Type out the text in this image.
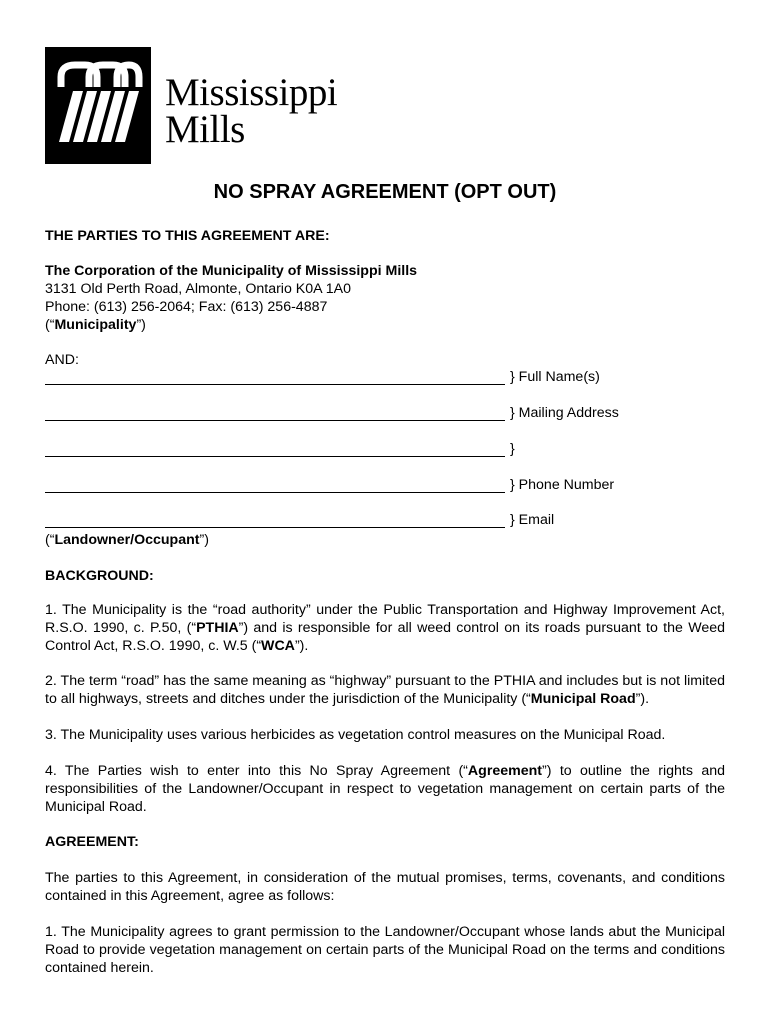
Mississippi
Mills
NO SPRAY AGREEMENT (OPT OUT)
THE PARTIES TO THIS AGREEMENT ARE:
The Corporation of the Municipality of Mississippi Mills
3131 Old Perth Road, Almonte, Ontario K0A 1A0
Phone: (613) 256-2064; Fax: (613) 256-4887
(“Municipality”)
AND:
} Full Name(s)
} Mailing Address
}
} Phone Number
} Email
(“Landowner/Occupant”)
BACKGROUND:
1. The Municipality is the “road authority” under the Public Transportation and Highway Improvement Act, R.S.O. 1990, c. P.50, (“PTHIA”) and is responsible for all weed control on its roads pursuant to the Weed Control Act, R.S.O. 1990, c. W.5 (“WCA”).
2. The term “road” has the same meaning as “highway” pursuant to the PTHIA and includes but is not limited to all highways, streets and ditches under the jurisdiction of the Municipality (“Municipal Road”).
3. The Municipality uses various herbicides as vegetation control measures on the Municipal Road.
4. The Parties wish to enter into this No Spray Agreement (“Agreement”) to outline the rights and responsibilities of the Landowner/Occupant in respect to vegetation management on certain parts of the Municipal Road.
AGREEMENT:
The parties to this Agreement, in consideration of the mutual promises, terms, covenants, and conditions contained in this Agreement, agree as follows:
1. The Municipality agrees to grant permission to the Landowner/Occupant whose lands abut the Municipal Road to provide vegetation management on certain parts of the Municipal Road on the terms and conditions contained herein.
